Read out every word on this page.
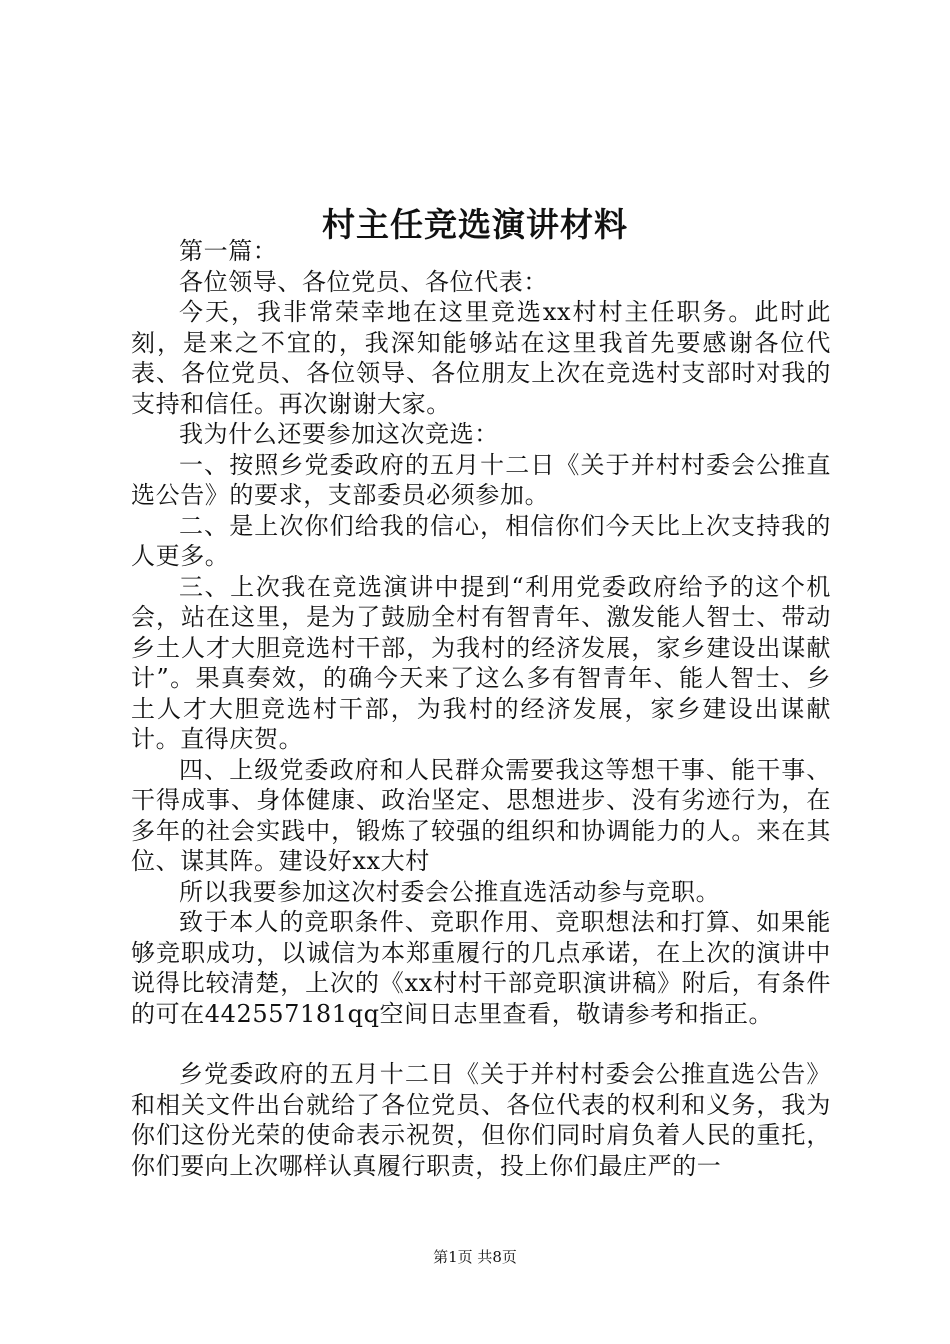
村主任竞选演讲材料

第一篇：

各位领导、各位党员、各位代表：

今天，我非常荣幸地在这里竞选xx村村主任职务。此时此刻，是来之不宜的，我深知能够站在这里我首先要感谢各位代表、各位党员、各位领导、各位朋友上次在竞选村支部时对我的支持和信任。再次谢谢大家。

我为什么还要参加这次竞选：

一、按照乡党委政府的五月十二日《关于并村村委会公推直选公告》的要求，支部委员必须参加。

二、是上次你们给我的信心，相信你们今天比上次支持我的人更多。

三、上次我在竞选演讲中提到“利用党委政府给予的这个机会，站在这里，是为了鼓励全村有智青年、激发能人智士、带动乡土人才大胆竞选村干部，为我村的经济发展，家乡建设出谋献计”。果真奏效，的确今天来了这么多有智青年、能人智士、乡土人才大胆竞选村干部，为我村的经济发展，家乡建设出谋献计。直得庆贺。

四、上级党委政府和人民群众需要我这等想干事、能干事、干得成事、身体健康、政治坚定、思想进步、没有劣迹行为，在多年的社会实践中，锻炼了较强的组织和协调能力的人。来在其位、谋其阵。建设好xx大村

所以我要参加这次村委会公推直选活动参与竞职。

致于本人的竞职条件、竞职作用、竞职想法和打算、如果能够竞职成功，以诚信为本郑重履行的几点承诺，在上次的演讲中说得比较清楚，上次的《xx村村干部竞职演讲稿》附后，有条件的可在442557181qq空间日志里查看，敬请参考和指正。

乡党委政府的五月十二日《关于并村村委会公推直选公告》和相关文件出台就给了各位党员、各位代表的权利和义务，我为你们这份光荣的使命表示祝贺，但你们同时肩负着人民的重托，你们要向上次哪样认真履行职责，投上你们最庄严的一

第1页 共8页
